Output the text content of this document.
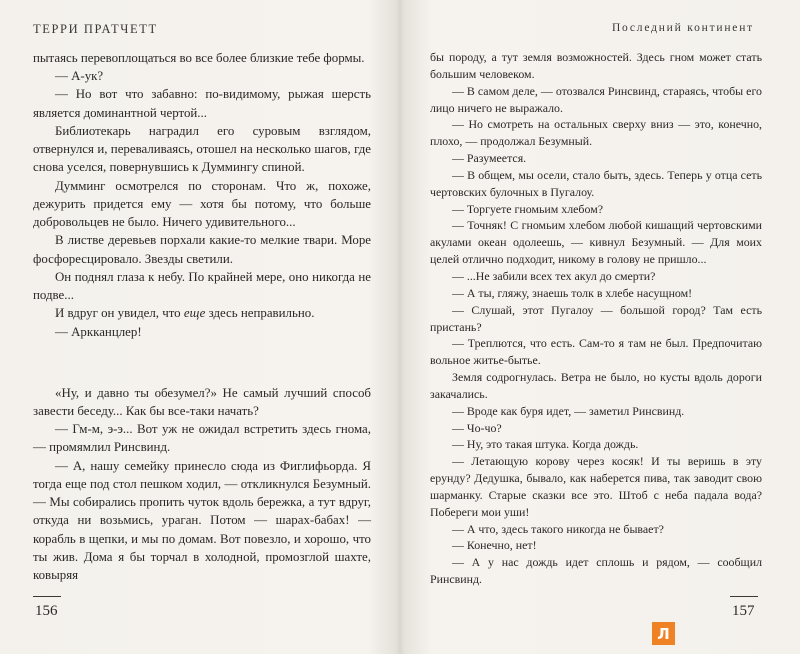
ТЕРРИ ПРАТЧЕТТ

пытаясь перевоплощаться во все более близкие тебе формы.

— А-ук?

— Но вот что забавно: по-видимому, рыжая шерсть является доминантной чертой...

Библиотекарь наградил его суровым взглядом, отвернулся и, переваливаясь, отошел на несколько шагов, где снова уселся, повернувшись к Думмингу спиной.

Думминг осмотрелся по сторонам. Что ж, похоже, дежурить придется ему — хотя бы потому, что больше добровольцев не было. Ничего удивительного...

В листве деревьев порхали какие-то мелкие твари. Море фосфоресцировало. Звезды светили.

Он поднял глаза к небу. По крайней мере, оно никогда не подве...

И вдруг он увидел, что еще здесь неправильно.

— Аркканцлер!

«Ну, и давно ты обезумел?» Не самый лучший способ завести беседу... Как бы все-таки начать?

— Гм-м, э-э... Вот уж не ожидал встретить здесь гнома, — промямлил Ринсвинд.

— А, нашу семейку принесло сюда из Фиглифьорда. Я тогда еще под стол пешком ходил, — откликнулся Безумный. — Мы собирались пропить чуток вдоль бережка, а тут вдруг, откуда ни возьмись, ураган. Потом — шарах-бабах! — корабль в щепки, и мы по домам. Вот повезло, и хорошо, что ты жив. Дома я бы торчал в холодной, промозглой шахте, ковыряя

156
Последний континент

бы породу, а тут земля возможностей. Здесь гном может стать большим человеком.

— В самом деле, — отозвался Ринсвинд, стараясь, чтобы его лицо ничего не выражало.

— Но смотреть на остальных сверху вниз — это, конечно, плохо, — продолжал Безумный.

— Разумеется.

— В общем, мы осели, стало быть, здесь. Теперь у отца сеть чертовских булочных в Пугалоу.

— Торгуете гномьим хлебом?

— Точняк! С гномьим хлебом любой кишащий чертовскими акулами океан одолеешь, — кивнул Безумный. — Для моих целей отлично подходит, никому в голову не пришло...

— ...Не забили всех тех акул до смерти?

— А ты, гляжу, знаешь толк в хлебе насущном!

— Слушай, этот Пугалоу — большой город? Там есть пристань?

— Треплются, что есть. Сам-то я там не был. Предпочитаю вольное житье-бытье.

Земля содрогнулась. Ветра не было, но кусты вдоль дороги закачались.

— Вроде как буря идет, — заметил Ринсвинд.

— Чо-чо?

— Ну, это такая штука. Когда дождь.

— Летающую корову через косяк! И ты веришь в эту ерунду? Дедушка, бывало, как наберется пива, так заводит свою шарманку. Старые сказки все это. Штоб с неба падала вода? Побереги мои уши!

— А что, здесь такого никогда не бывает?

— Конечно, нет!

— А у нас дождь идет сплошь и рядом, — сообщил Ринсвинд.

157
Л
